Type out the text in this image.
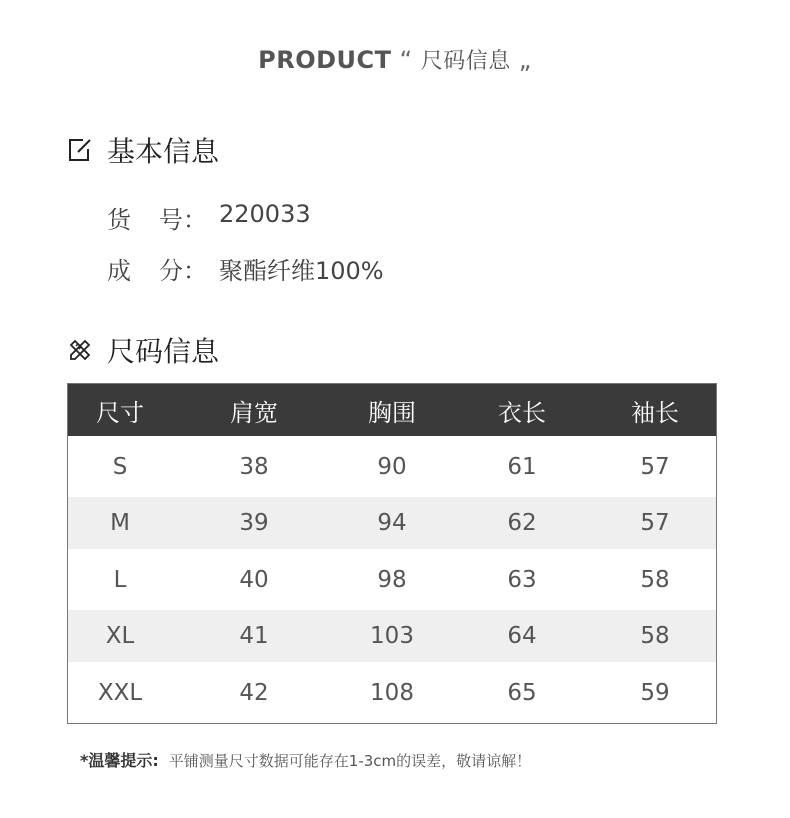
PRODUCT “ 尺码信息 „
基本信息
货	号： 220033
成	分： 聚酯纤维100%
尺码信息
尺寸	肩宽	胸围	衣长	袖长
S	38	90	61	57
M	39	94	62	57
L	40	98	63	58
XL	41	103	64	58
XXL	42	108	65	59
*温馨提示: 平铺测量尺寸数据可能存在1-3cm的误差，敬请谅解！
